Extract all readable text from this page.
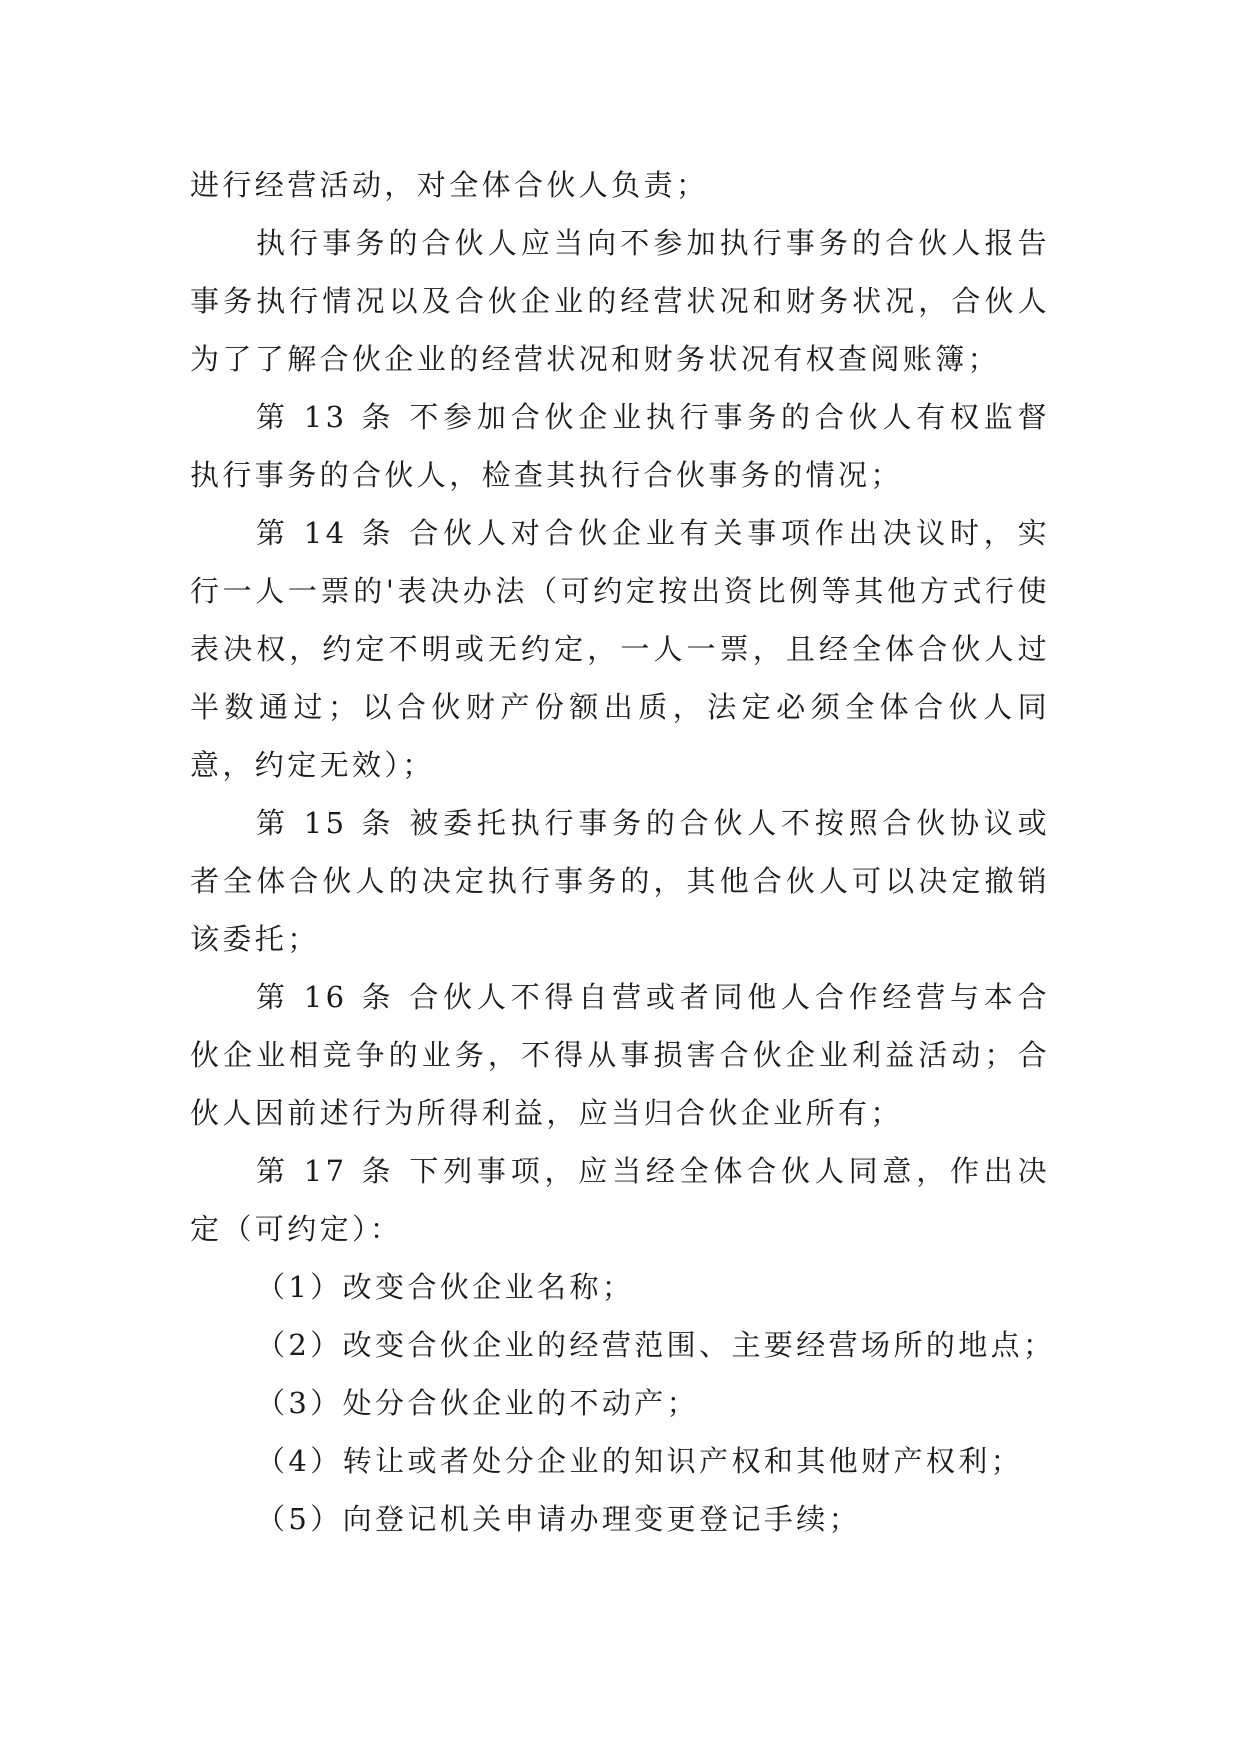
进行经营活动，对全体合伙人负责；

执行事务的合伙人应当向不参加执行事务的合伙人报告事务执行情况以及合伙企业的经营状况和财务状况，合伙人为了了解合伙企业的经营状况和财务状况有权查阅账簿；

第 13 条 不参加合伙企业执行事务的合伙人有权监督执行事务的合伙人，检查其执行合伙事务的情况；

第 14 条 合伙人对合伙企业有关事项作出决议时，实行一人一票的'表决办法（可约定按出资比例等其他方式行使表决权，约定不明或无约定，一人一票，且经全体合伙人过半数通过；以合伙财产份额出质，法定必须全体合伙人同意，约定无效）；

第 15 条 被委托执行事务的合伙人不按照合伙协议或者全体合伙人的决定执行事务的，其他合伙人可以决定撤销该委托；

第 16 条 合伙人不得自营或者同他人合作经营与本合伙企业相竞争的业务，不得从事损害合伙企业利益活动；合伙人因前述行为所得利益，应当归合伙企业所有；

第 17 条 下列事项，应当经全体合伙人同意，作出决定（可约定）：

（1）改变合伙企业名称；

（2）改变合伙企业的经营范围、主要经营场所的地点；

（3）处分合伙企业的不动产；

（4）转让或者处分企业的知识产权和其他财产权利；

（5）向登记机关申请办理变更登记手续；
